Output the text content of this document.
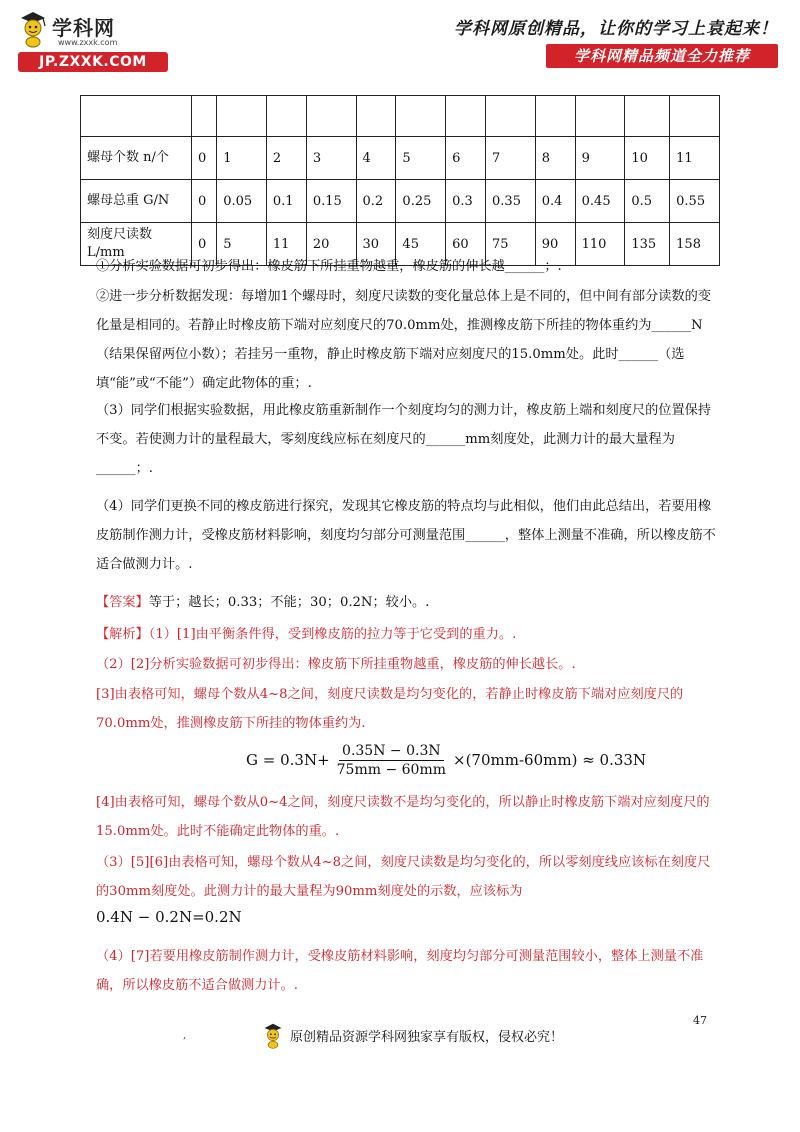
学科网
www.zxxk.com
JP.ZXXK.COM
学科网原创精品，让你的学习上袁起来！
学科网精品频道全力推荐

螺母个数 n/个	0	1	2	3	4	5	6	7	8	9	10	11
螺母总重 G/N	0	0.05	0.1	0.15	0.2	0.25	0.3	0.35	0.4	0.45	0.5	0.55
刻度尺读数 L/mm	0	5	11	20	30	45	60	75	90	110	135	158

①分析实验数据可初步得出：橡皮筋下所挂重物越重，橡皮筋的伸长越______；.

②进一步分析数据发现：每增加1个螺母时，刻度尺读数的变化量总体上是不同的，但中间有部分读数的变化量是相同的。若静止时橡皮筋下端对应刻度尺的70.0mm处，推测橡皮筋下所挂的物体重约为______N（结果保留两位小数）；若挂另一重物，静止时橡皮筋下端对应刻度尺的15.0mm处。此时______（选填“能”或“不能”）确定此物体的重；.

（3）同学们根据实验数据，用此橡皮筋重新制作一个刻度均匀的测力计，橡皮筋上端和刻度尺的位置保持不变。若使测力计的量程最大，零刻度线应标在刻度尺的______mm刻度处，此测力计的最大量程为______；.

（4）同学们更换不同的橡皮筋进行探究，发现其它橡皮筋的特点均与此相似，他们由此总结出，若要用橡皮筋制作测力计，受橡皮筋材料影响，刻度均匀部分可测量范围______，整体上测量不准确，所以橡皮筋不适合做测力计。.

【答案】等于；越长；0.33；不能；30；0.2N；较小。.

【解析】（1）[1]由平衡条件得，受到橡皮筋的拉力等于它受到的重力。.

（2）[2]分析实验数据可初步得出：橡皮筋下所挂重物越重，橡皮筋的伸长越长。.

[3]由表格可知，螺母个数从4~8之间，刻度尺读数是均匀变化的，若静止时橡皮筋下端对应刻度尺的70.0mm处，推测橡皮筋下所挂的物体重约为.

[4]由表格可知，螺母个数从0~4之间，刻度尺读数不是均匀变化的，所以静止时橡皮筋下端对应刻度尺的15.0mm处。此时不能确定此物体的重。.

（3）[5][6]由表格可知，螺母个数从4~8之间，刻度尺读数是均匀变化的，所以零刻度线应该标在刻度尺的30mm刻度处。此测力计的最大量程为90mm刻度处的示数，应该标为

0.4N − 0.2N=0.2N

（4）[7]若要用橡皮筋制作测力计，受橡皮筋材料影响，刻度均匀部分可测量范围较小，整体上测量不准确，所以橡皮筋不适合做测力计。.

$G = 0.3N+ \frac{0.35N - 0.3N}{75mm - 60mm} \times(70mm-60mm) \approx 0.33N$
47
,	原创精品资源学科网独家享有版权，侵权必究！
